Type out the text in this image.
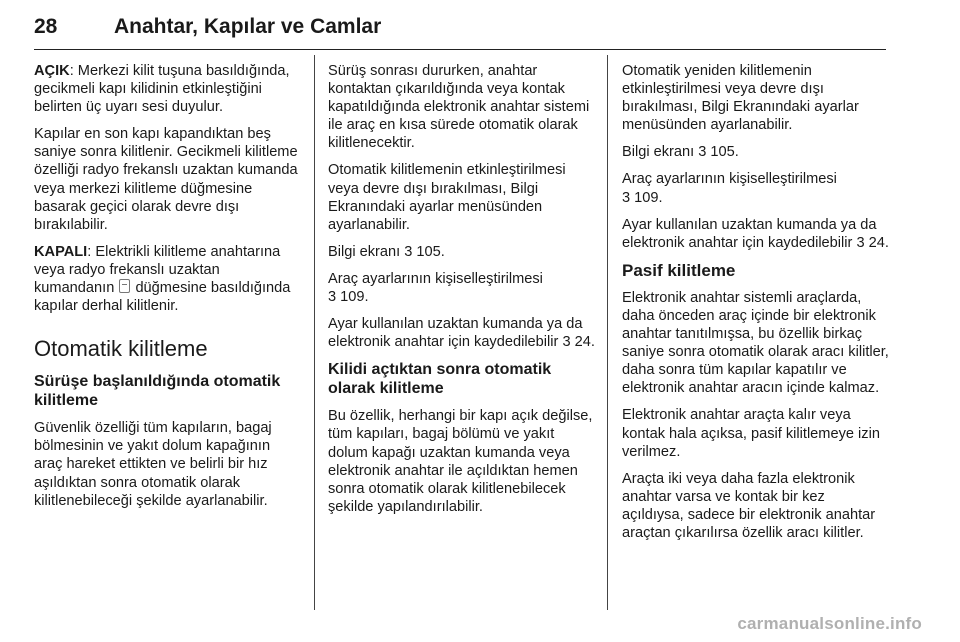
28	Anahtar, Kapılar ve Camlar

AÇIK: Merkezi kilit tuşuna basıldığında, gecikmeli kapı kilidinin etkinleştiğini belirten üç uyarı sesi duyulur.

Kapılar en son kapı kapandıktan beş saniye sonra kilitlenir. Gecikmeli kilitleme özelliği radyo frekanslı uzaktan kumanda veya merkezi kilitleme düğmesine basarak geçici olarak devre dışı bırakılabilir.

KAPALI: Elektrikli kilitleme anahtarına veya radyo frekanslı uzaktan kumandanın  düğmesine basıldığında kapılar derhal kilitlenir.

Otomatik kilitleme
Sürüşe başlanıldığında otomatik kilitleme

Güvenlik özelliği tüm kapıların, bagaj bölmesinin ve yakıt dolum kapağının araç hareket ettikten ve belirli bir hız aşıldıktan sonra otomatik olarak kilitlenebileceği şekilde ayarlanabilir.

Sürüş sonrası dururken, anahtar kontaktan çıkarıldığında veya kontak kapatıldığında elektronik anahtar sistemi ile araç en kısa sürede otomatik olarak kilitlenecektir.

Otomatik kilitlemenin etkinleştirilmesi veya devre dışı bırakılması, Bilgi Ekranındaki ayarlar menüsünden ayarlanabilir.

Bilgi ekranı 3 105.

Araç ayarlarının kişiselleştirilmesi
3 109.

Ayar kullanılan uzaktan kumanda ya da elektronik anahtar için kaydedilebilir 3 24.

Kilidi açtıktan sonra otomatik olarak kilitleme

Bu özellik, herhangi bir kapı açık değilse, tüm kapıları, bagaj bölümü ve yakıt dolum kapağı uzaktan kumanda veya elektronik anahtar ile açıldıktan hemen sonra otomatik olarak kilitlenebilecek şekilde yapılandırılabilir.

Otomatik yeniden kilitlemenin etkinleştirilmesi veya devre dışı bırakılması, Bilgi Ekranındaki ayarlar menüsünden ayarlanabilir.

Bilgi ekranı 3 105.

Araç ayarlarının kişiselleştirilmesi
3 109.

Ayar kullanılan uzaktan kumanda ya da elektronik anahtar için kaydedilebilir 3 24.

Pasif kilitleme

Elektronik anahtar sistemli araçlarda, daha önceden araç içinde bir elektronik anahtar tanıtılmışsa, bu özellik birkaç saniye sonra otomatik olarak aracı kilitler, daha sonra tüm kapılar kapatılır ve elektronik anahtar aracın içinde kalmaz.

Elektronik anahtar araçta kalır veya kontak hala açıksa, pasif kilitlemeye izin verilmez.

Araçta iki veya daha fazla elektronik anahtar varsa ve kontak bir kez açıldıysa, sadece bir elektronik anahtar araçtan çıkarılırsa özellik aracı kilitler.

carmanualsonline.info
